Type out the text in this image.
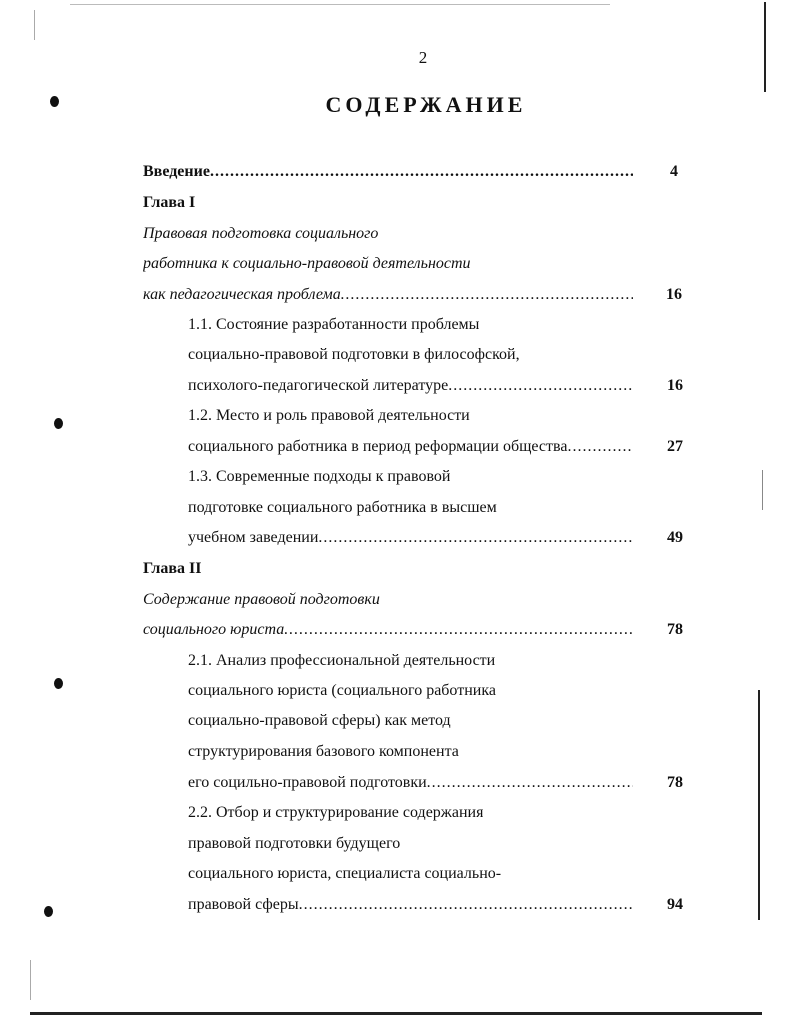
2
СОДЕРЖАНИЕ
Введение .....	4
Глава I
Правовая подготовка социального
работника к социально-правовой деятельности
как педагогическая проблема .....	16
1.1. Состояние разработанности проблемы
социально-правовой подготовки в философской,
психолого-педагогической литературе .....	16
1.2. Место и роль правовой деятельности
социального работника в период реформации общества .....	27
1.3. Современные подходы к правовой
подготовке социального работника в высшем
учебном заведении .....	49
Глава II
Содержание правовой подготовки
социального юриста .....	78
2.1. Анализ профессиональной деятельности
социального юриста (социального работника
социально-правовой сферы) как метод
структурирования базового компонента
его социльно-правовой подготовки .....	78
2.2. Отбор и структурирование содержания
правовой подготовки будущего
социального юриста, специалиста социально-
правовой сферы .....	94
